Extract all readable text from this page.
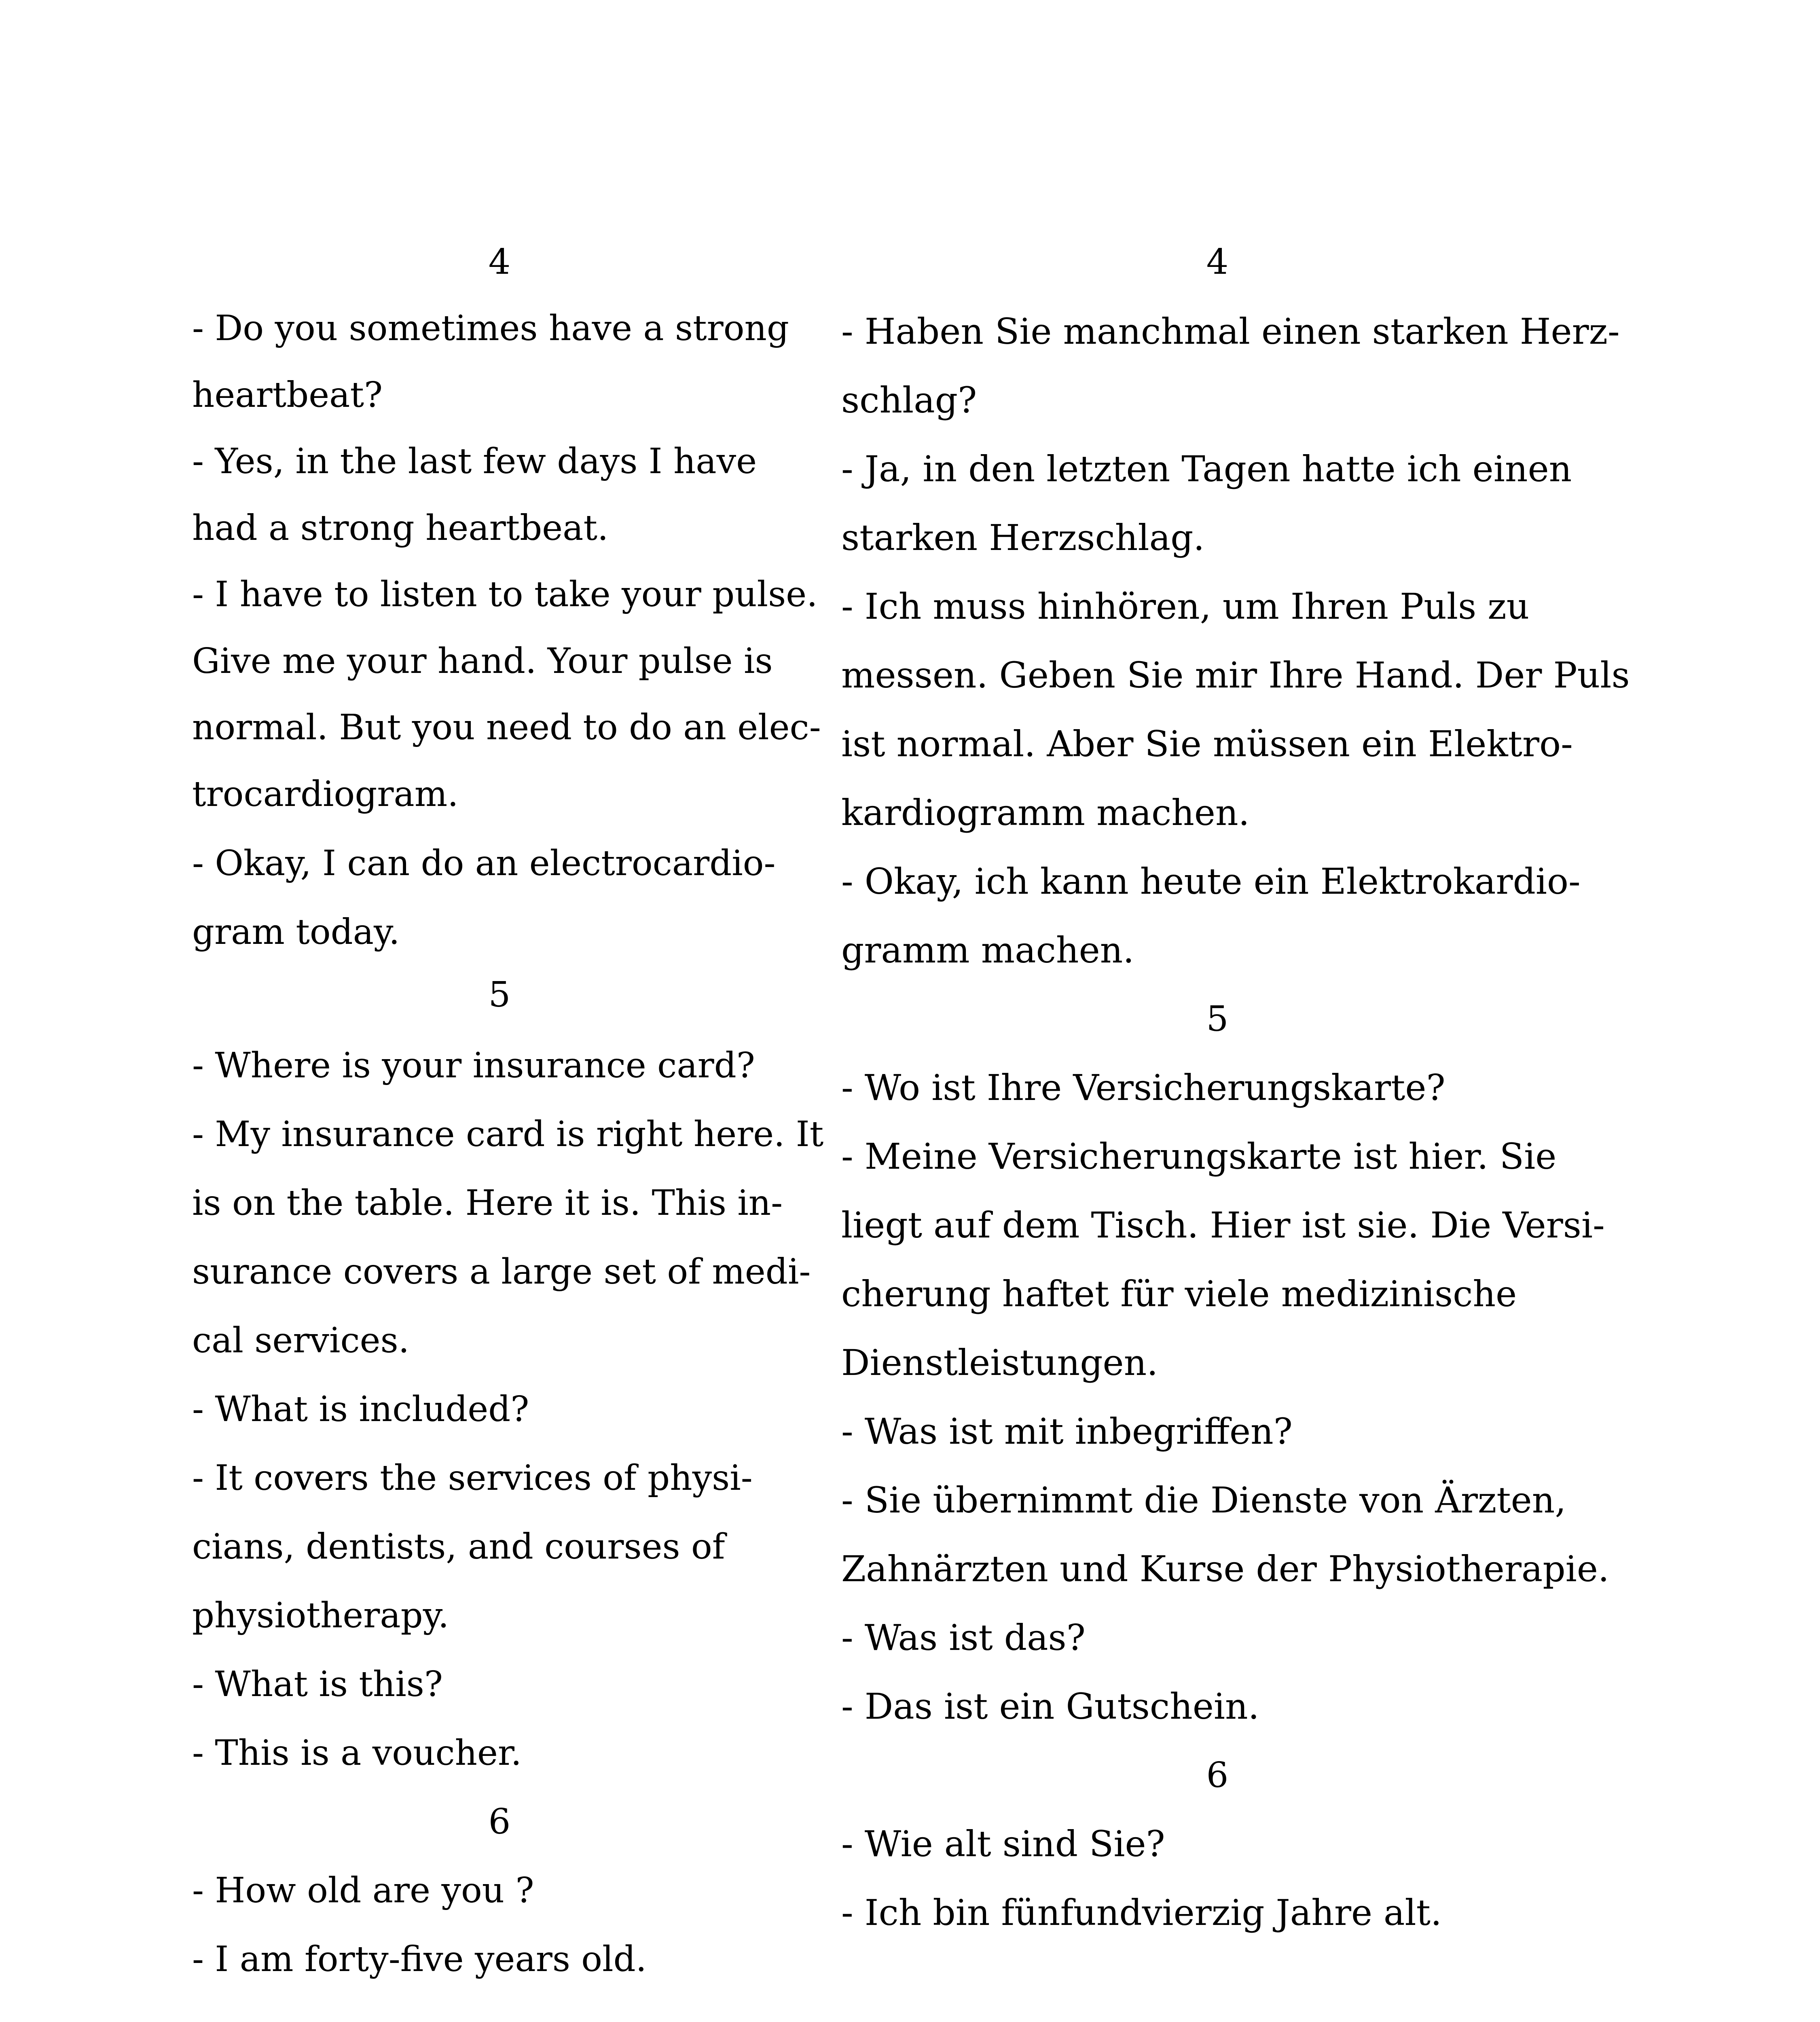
4
- Do you sometimes have a strong
heartbeat?
- Yes, in the last few days I have
had a strong heartbeat.
- I have to listen to take your pulse.
Give me your hand. Your pulse is
normal. But you need to do an elec-
trocardiogram.
- Okay, I can do an electrocardio-
gram today.
5
- Where is your insurance card?
- My insurance card is right here. It
is on the table. Here it is. This in-
surance covers a large set of medi-
cal services.
- What is included?
- It covers the services of physi-
cians, dentists, and courses of
physiotherapy.
- What is this?
- This is a voucher.
6
- How old are you ?
- I am forty-five years old.
4
- Haben Sie manchmal einen starken Herz-
schlag?
- Ja, in den letzten Tagen hatte ich einen
starken Herzschlag.
- Ich muss hinhören, um Ihren Puls zu
messen. Geben Sie mir Ihre Hand. Der Puls
ist normal. Aber Sie müssen ein Elektro-
kardiogramm machen.
- Okay, ich kann heute ein Elektrokardio-
gramm machen.
5
- Wo ist Ihre Versicherungskarte?
- Meine Versicherungskarte ist hier. Sie
liegt auf dem Tisch. Hier ist sie. Die Versi-
cherung haftet für viele medizinische
Dienstleistungen.
- Was ist mit inbegriffen?
- Sie übernimmt die Dienste von Ärzten,
Zahnärzten und Kurse der Physiotherapie.
- Was ist das?
- Das ist ein Gutschein.
6
- Wie alt sind Sie?
- Ich bin fünfundvierzig Jahre alt.
